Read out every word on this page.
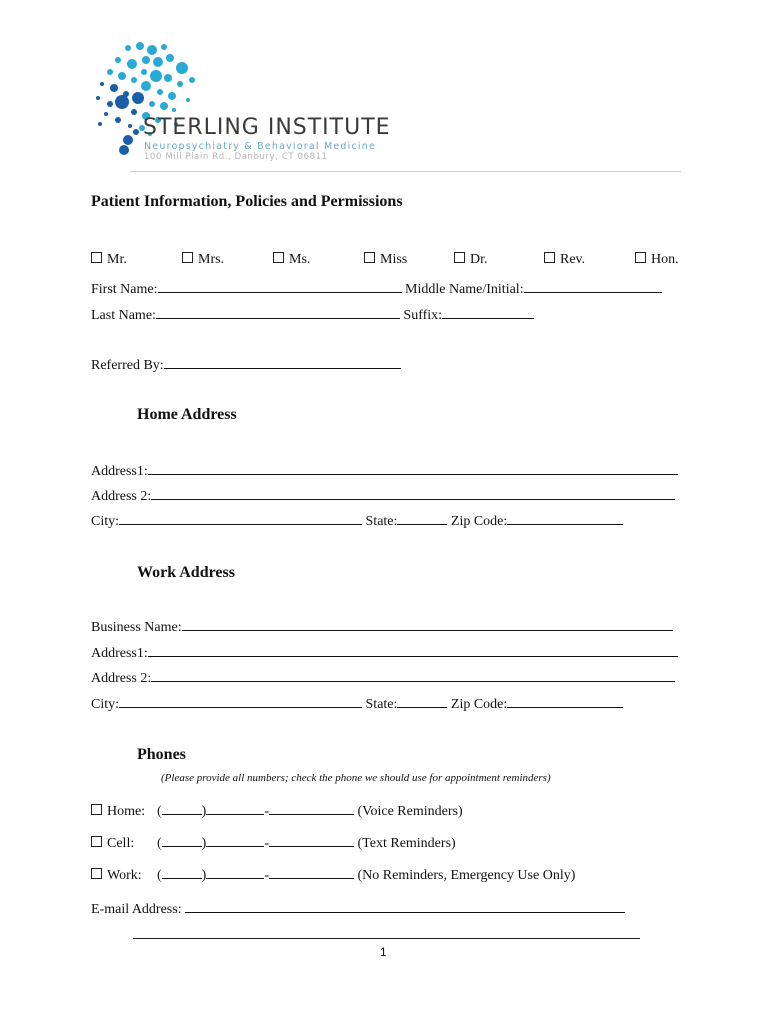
STERLING INSTITUTE
Neuropsychiatry & Behavioral Medicine
100 Mill Plain Rd., Danbury, CT 06811
Patient Information, Policies and Permissions
Mr.	Mrs.	Ms.	Miss	Dr.	Rev.	Hon.
First Name:	Middle Name/Initial:
Last Name:	Suffix:
Referred By:
Home Address
Address1:
Address 2:
City:	State:	Zip Code:
Work Address
Business Name:
Address1:
Address 2:
City:	State:	Zip Code:
Phones
(Please provide all numbers; check the phone we should use for appointment reminders)
Home: (	)	-	(Voice Reminders)
Cell: (	)	-	(Text Reminders)
Work: (	)	-	(No Reminders, Emergency Use Only)
E-mail Address:
1
